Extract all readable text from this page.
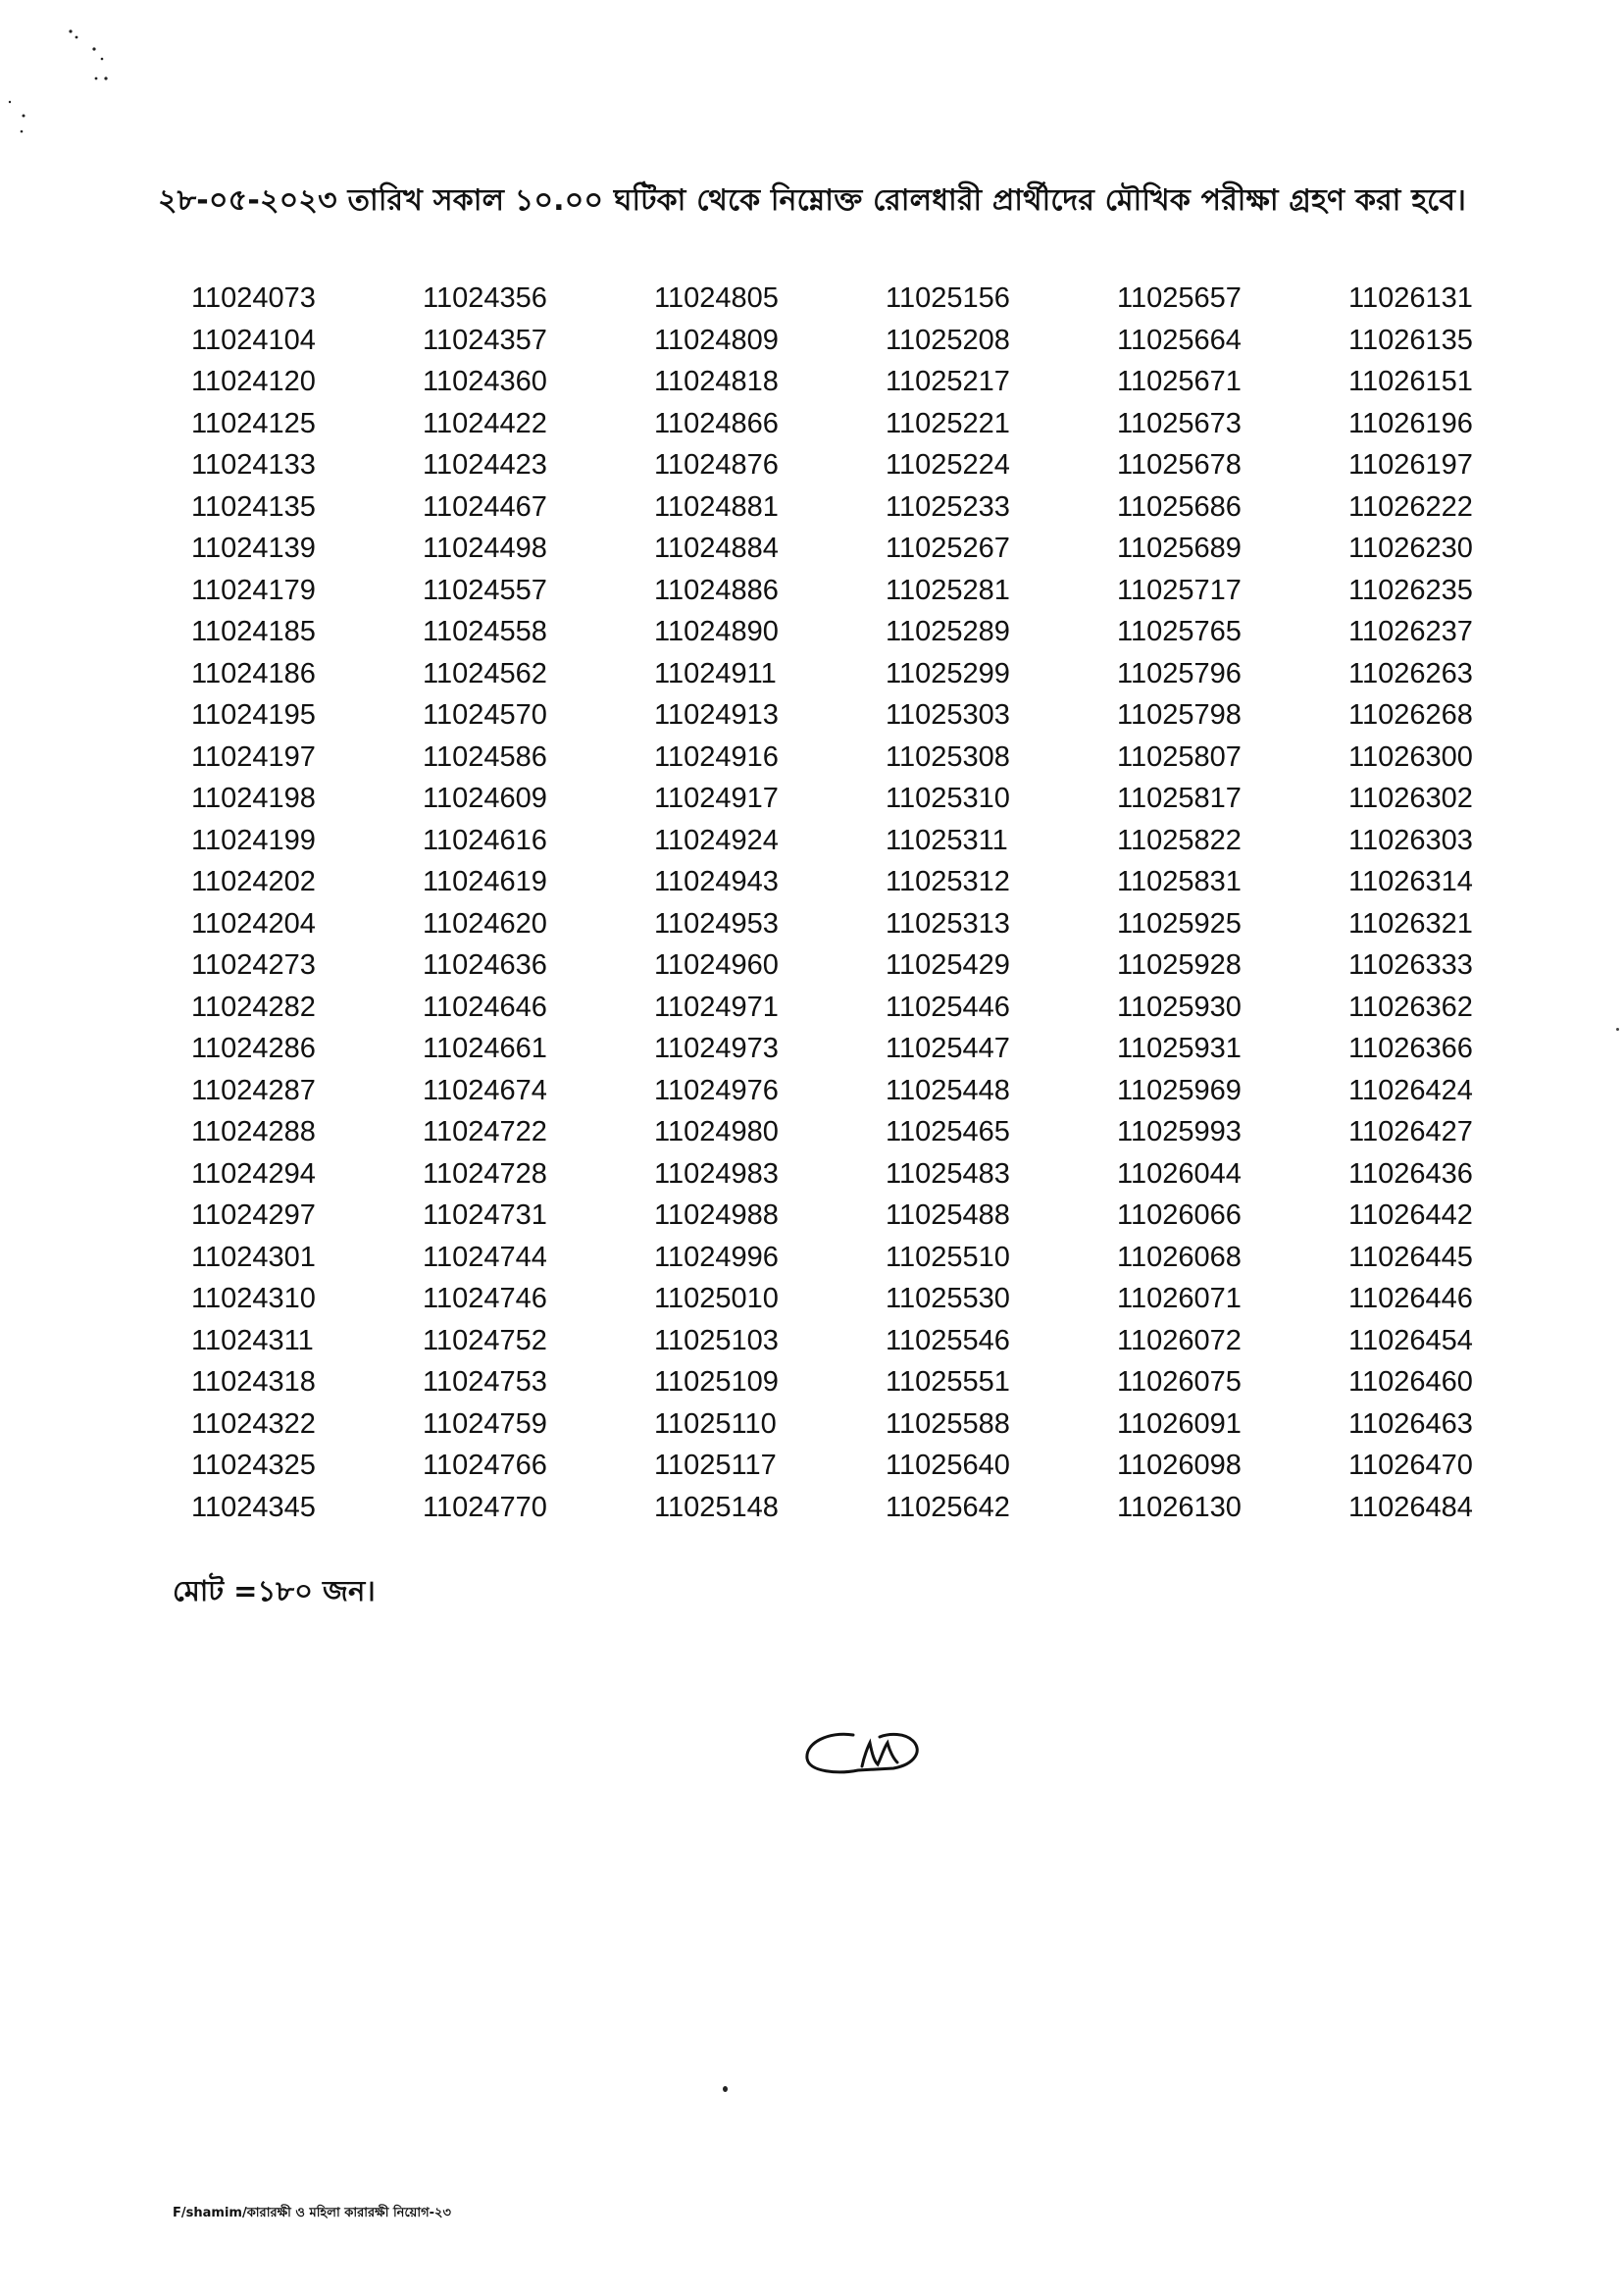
২৮-০৫-২০২৩ তারিখ সকাল ১০.০০ ঘটিকা থেকে নিম্নোক্ত রোলধারী প্রার্থীদের মৌখিক পরীক্ষা গ্রহণ করা হবে।
11024073
11024104
11024120
11024125
11024133
11024135
11024139
11024179
11024185
11024186
11024195
11024197
11024198
11024199
11024202
11024204
11024273
11024282
11024286
11024287
11024288
11024294
11024297
11024301
11024310
11024311
11024318
11024322
11024325
11024345
11024356
11024357
11024360
11024422
11024423
11024467
11024498
11024557
11024558
11024562
11024570
11024586
11024609
11024616
11024619
11024620
11024636
11024646
11024661
11024674
11024722
11024728
11024731
11024744
11024746
11024752
11024753
11024759
11024766
11024770
11024805
11024809
11024818
11024866
11024876
11024881
11024884
11024886
11024890
11024911
11024913
11024916
11024917
11024924
11024943
11024953
11024960
11024971
11024973
11024976
11024980
11024983
11024988
11024996
11025010
11025103
11025109
11025110
11025117
11025148
11025156
11025208
11025217
11025221
11025224
11025233
11025267
11025281
11025289
11025299
11025303
11025308
11025310
11025311
11025312
11025313
11025429
11025446
11025447
11025448
11025465
11025483
11025488
11025510
11025530
11025546
11025551
11025588
11025640
11025642
11025657
11025664
11025671
11025673
11025678
11025686
11025689
11025717
11025765
11025796
11025798
11025807
11025817
11025822
11025831
11025925
11025928
11025930
11025931
11025969
11025993
11026044
11026066
11026068
11026071
11026072
11026075
11026091
11026098
11026130
11026131
11026135
11026151
11026196
11026197
11026222
11026230
11026235
11026237
11026263
11026268
11026300
11026302
11026303
11026314
11026321
11026333
11026362
11026366
11026424
11026427
11026436
11026442
11026445
11026446
11026454
11026460
11026463
11026470
11026484
মোট =১৮০ জন।
F/shamim/কারারক্ষী ও মহিলা কারারক্ষী নিয়োগ-২৩
